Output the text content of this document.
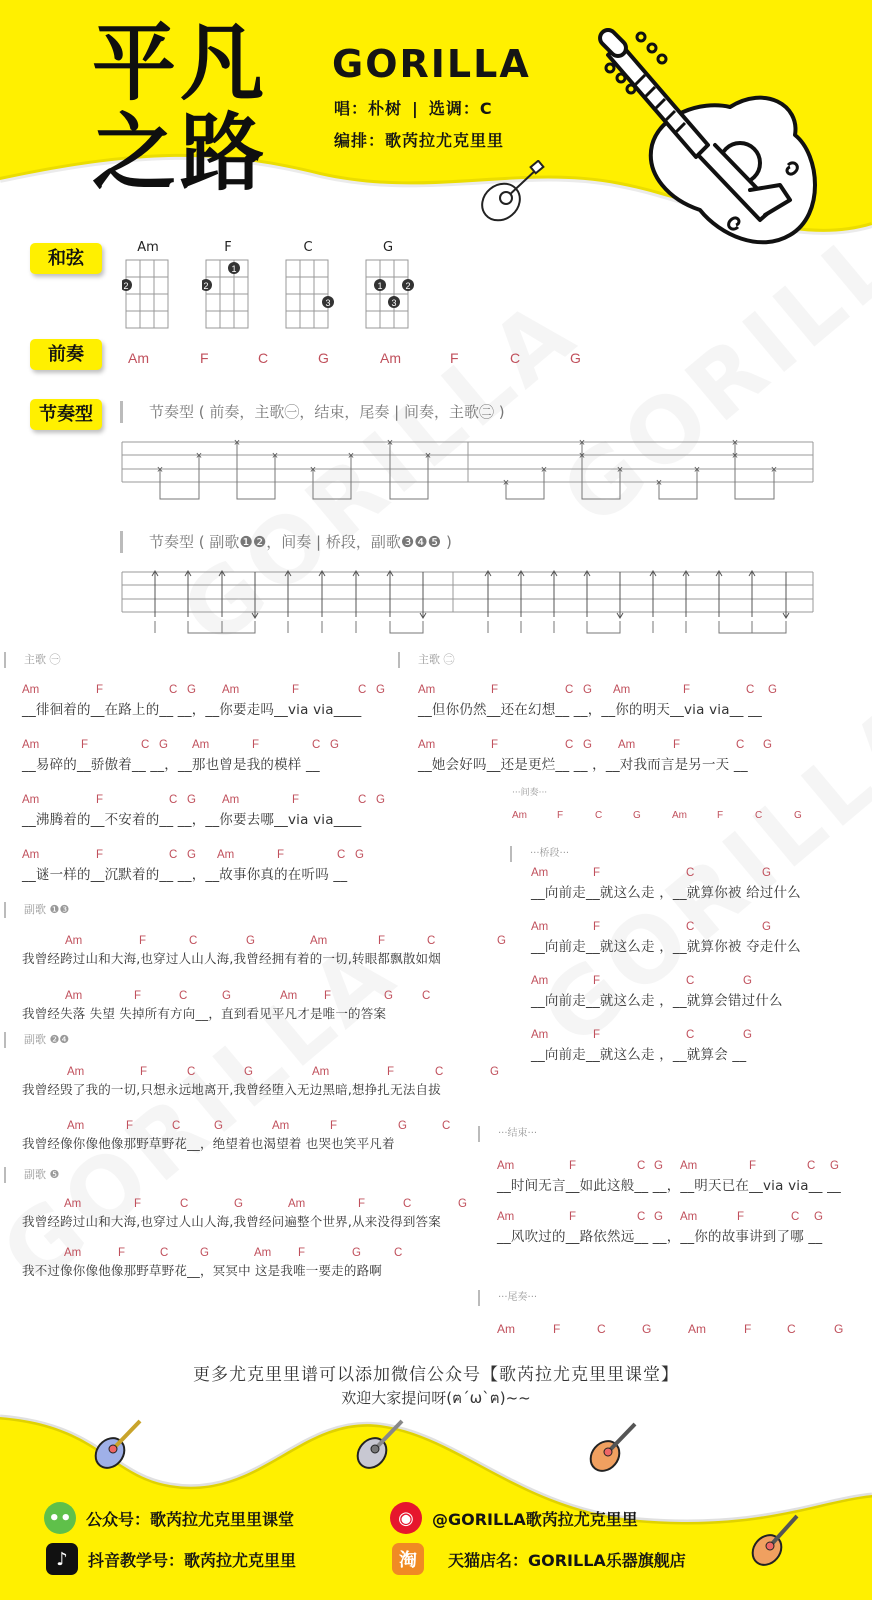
平凡
之路
GORILLA
唱：朴树 | 选调：C
编排：歌芮拉尤克里里
和弦
Am
2
F
1
2
C
3
G
1	2
3
前奏	Am	F	C	G	Am	F	C	G
节奏型	节奏型 ( 前奏，主歌㊀，结束，尾奏 | 间奏，主歌㊁ )
×
×
×
×
×
×
×
×
×
×
×
×
×
×
×
×
×
×
节奏型 ( 副歌❶❷，间奏 | 桥段，副歌❸❹❺ )
主歌 ㊀
Am	F	C G Am	F	C G
__徘徊着的__在路上的__ __，__你要走吗__via via____
Am	F	C G Am	F	C G
__易碎的__骄傲着__ __，__那也曾是我的模样 __
Am	F	C G Am	F	C G
__沸腾着的__不安着的__ __，__你要去哪__via via____
Am	F	C G Am	F	C G
__谜一样的__沉默着的__ __，__故事你真的在听吗 __
副歌 ❶❸
Am	F	C	G	Am	F	C	G
我曾经跨过山和大海,也穿过人山人海,我曾经拥有着的一切,转眼都飘散如烟
Am	F	C	G	Am F	G	C
我曾经失落 失望 失掉所有方向__，直到看见平凡才是唯一的答案
副歌 ❷❹
Am	F	C	G	Am	F	C	G
我曾经毁了我的一切,只想永远地离开,我曾经堕入无边黑暗,想挣扎无法自拔
Am	F	C	G	Am	F	G	C
我曾经像你像他像那野草野花__，绝望着也渴望着 也哭也笑平凡着
副歌 ❺
Am	F	C	G	Am	F	C	G
我曾经跨过山和大海,也穿过人山人海,我曾经问遍整个世界,从来没得到答案
Am	F	C	G	Am F	G	C
我不过像你像他像那野草野花__，冥冥中 这是我唯一要走的路啊
主歌 ㊁
Am	F	C G Am	F	C G
__但你仍然__还在幻想__ __，__你的明天__via via__ __
Am	F	C G Am	F	C G
__她会好吗__还是更烂__ __ ，__对我而言是另一天 __
···间奏···
Am	F	C	G	Am	F	C	G
···桥段···
Am	F	C	G
__向前走__就这么走 ，__就算你被 给过什么
Am	F	C	G
__向前走__就这么走 ，__就算你被 夺走什么
Am	F	C	G
__向前走__就这么走 ，__就算会错过什么
Am	F	C	G
__向前走__就这么走 ，__就算会 __
···结束···
Am	F	C G Am	F	C G
__时间无言__如此这般__ __，__明天已在__via via__ __
Am	F	C G Am	F	C G
__风吹过的__路依然远__ __，__你的故事讲到了哪 __
···尾奏···
Am	F	C	G	Am	F	C	G
更多尤克里里谱可以添加微信公众号【歌芮拉尤克里里课堂】
欢迎大家提问呀(ฅ´ω`ฅ)~~
•• 公众号：歌芮拉尤克里里课堂	◉	@GORILLA歌芮拉尤克里里
♪	抖音教学号：歌芮拉尤克里里	淘	天猫店名：GORILLA乐器旗舰店
